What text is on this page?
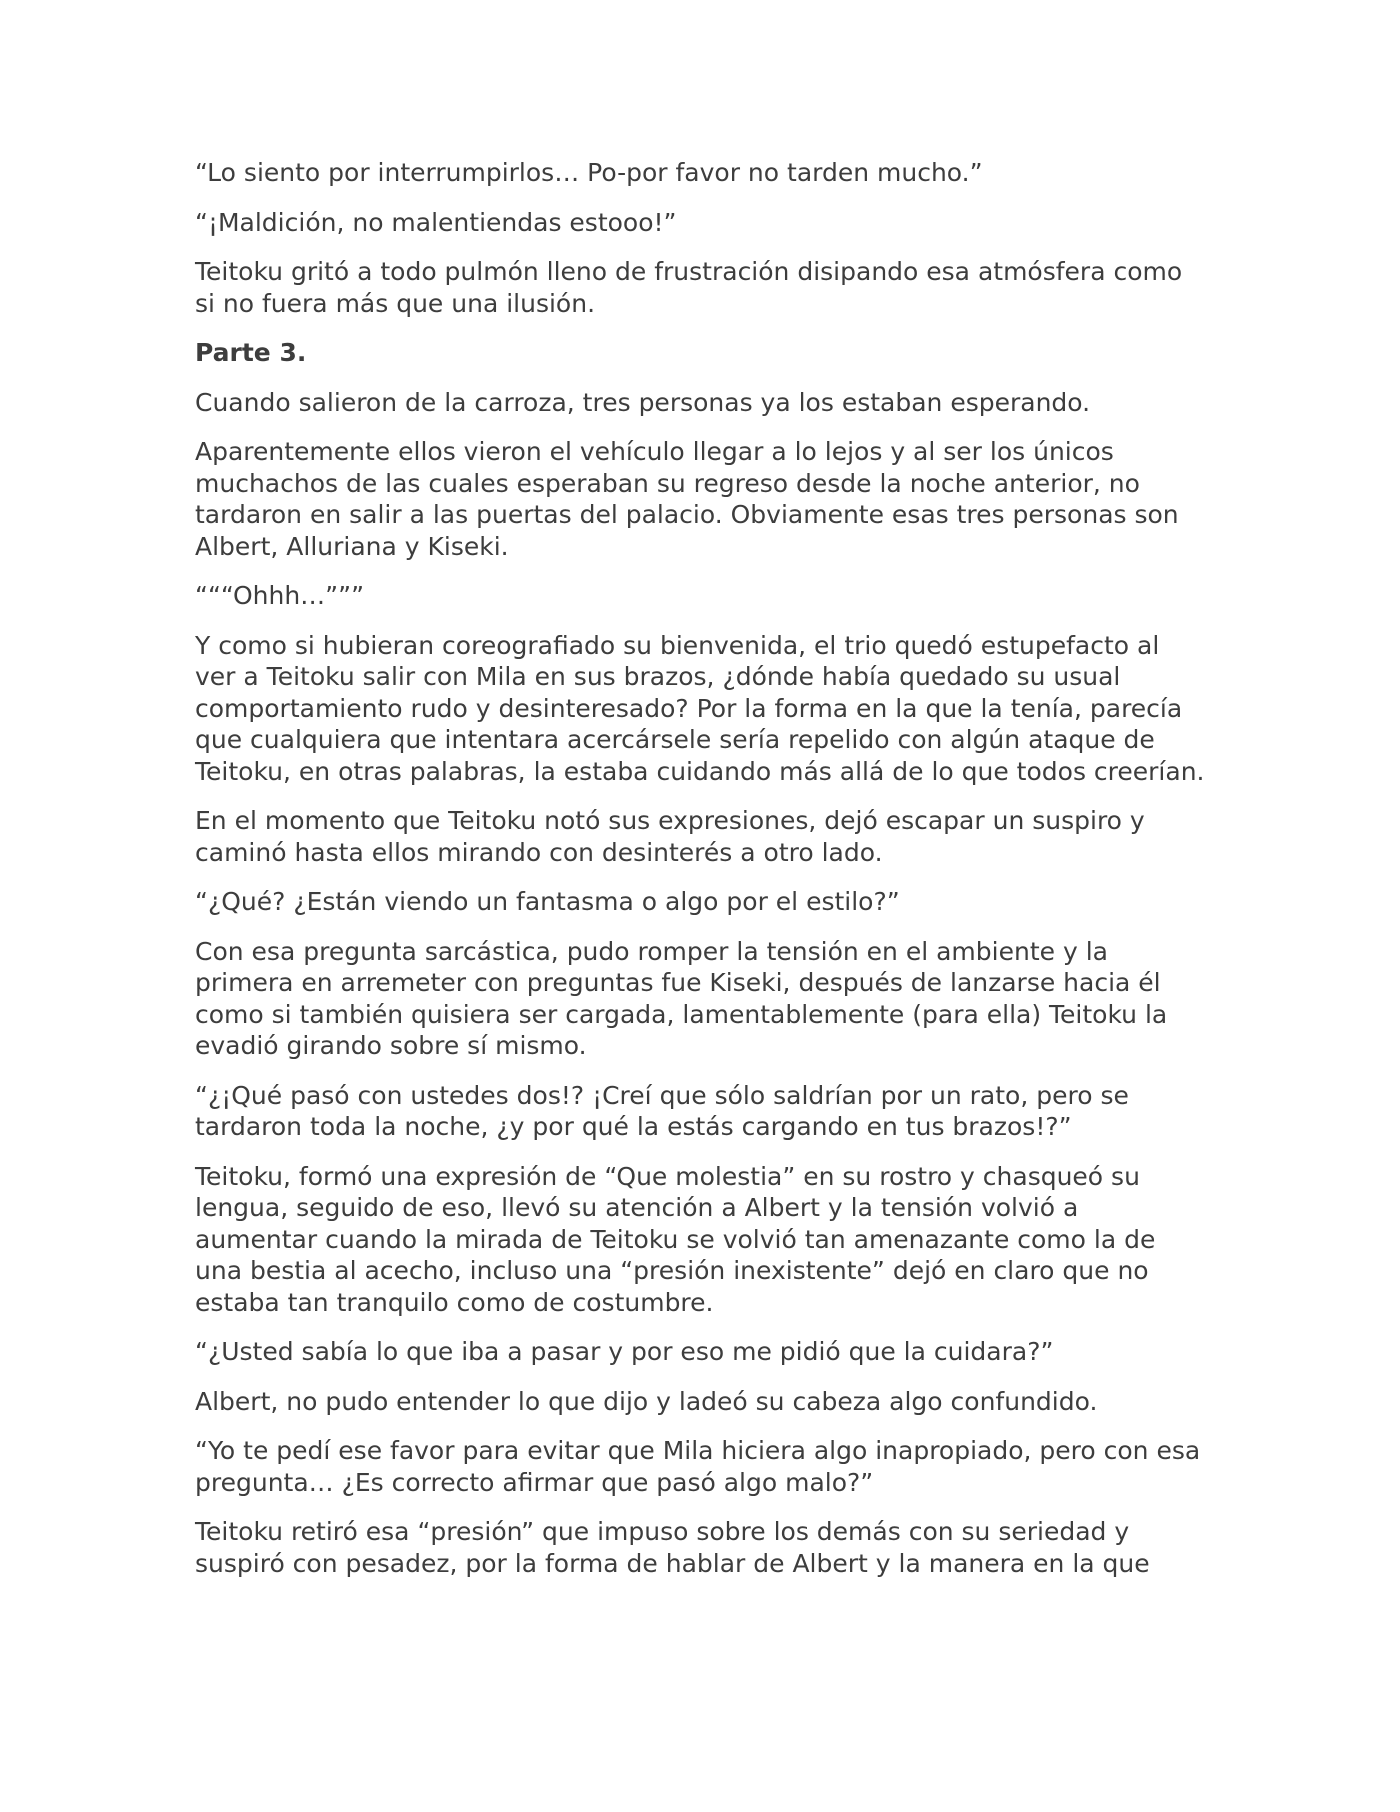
“Lo siento por interrumpirlos… Po-por favor no tarden mucho.”

“¡Maldición, no malentiendas estooo!”

Teitoku gritó a todo pulmón lleno de frustración disipando esa atmósfera como si no fuera más que una ilusión.

Parte 3.

Cuando salieron de la carroza, tres personas ya los estaban esperando.

Aparentemente ellos vieron el vehículo llegar a lo lejos y al ser los únicos muchachos de las cuales esperaban su regreso desde la noche anterior, no tardaron en salir a las puertas del palacio. Obviamente esas tres personas son Albert, Alluriana y Kiseki.

“““Ohhh…”””

Y como si hubieran coreografiado su bienvenida, el trio quedó estupefacto al ver a Teitoku salir con Mila en sus brazos, ¿dónde había quedado su usual comportamiento rudo y desinteresado? Por la forma en la que la tenía, parecía que cualquiera que intentara acercársele sería repelido con algún ataque de Teitoku, en otras palabras, la estaba cuidando más allá de lo que todos creerían.

En el momento que Teitoku notó sus expresiones, dejó escapar un suspiro y caminó hasta ellos mirando con desinterés a otro lado.

“¿Qué? ¿Están viendo un fantasma o algo por el estilo?”

Con esa pregunta sarcástica, pudo romper la tensión en el ambiente y la primera en arremeter con preguntas fue Kiseki, después de lanzarse hacia él como si también quisiera ser cargada, lamentablemente (para ella) Teitoku la evadió girando sobre sí mismo.

“¿¡Qué pasó con ustedes dos!? ¡Creí que sólo saldrían por un rato, pero se tardaron toda la noche, ¿y por qué la estás cargando en tus brazos!?”

Teitoku, formó una expresión de “Que molestia” en su rostro y chasqueó su lengua, seguido de eso, llevó su atención a Albert y la tensión volvió a aumentar cuando la mirada de Teitoku se volvió tan amenazante como la de una bestia al acecho, incluso una “presión inexistente” dejó en claro que no estaba tan tranquilo como de costumbre.

“¿Usted sabía lo que iba a pasar y por eso me pidió que la cuidara?”

Albert, no pudo entender lo que dijo y ladeó su cabeza algo confundido.

“Yo te pedí ese favor para evitar que Mila hiciera algo inapropiado, pero con esa pregunta… ¿Es correcto afirmar que pasó algo malo?”

Teitoku retiró esa “presión” que impuso sobre los demás con su seriedad y suspiró con pesadez, por la forma de hablar de Albert y la manera en la que
